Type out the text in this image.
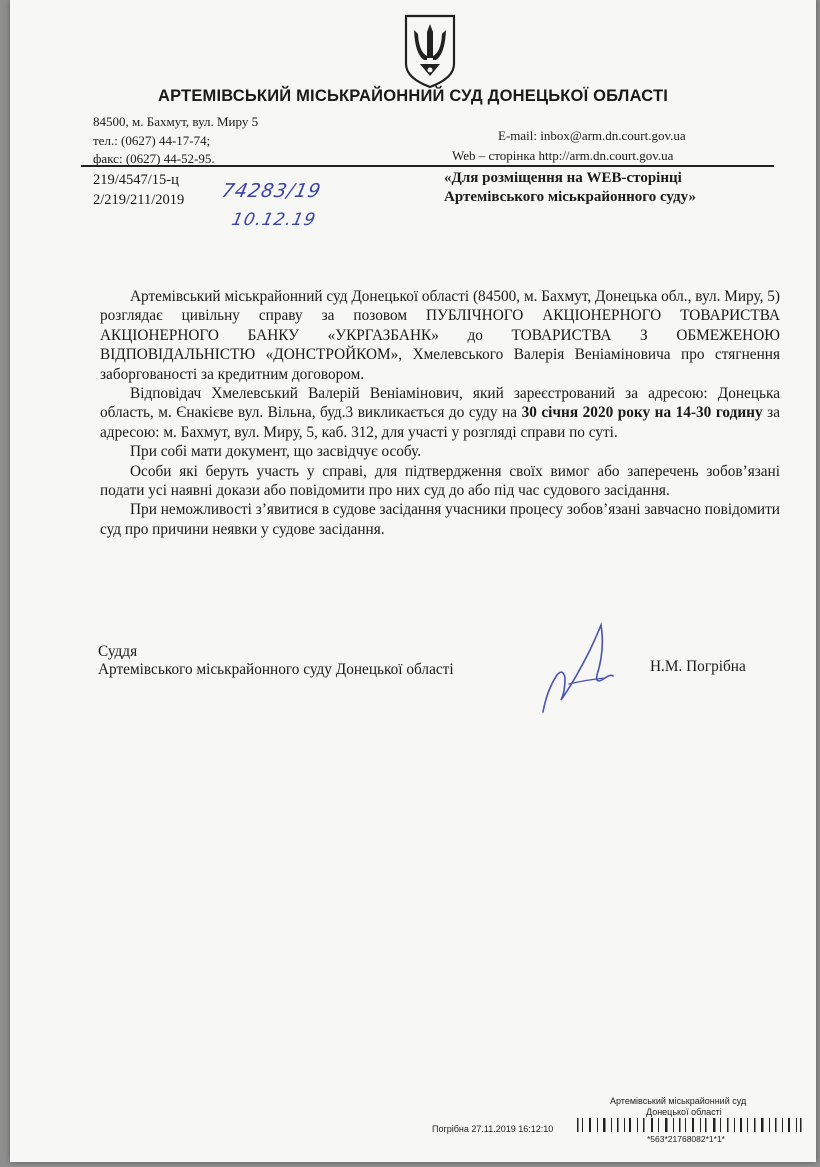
АРТЕМІВСЬКИЙ МІСЬКРАЙОННИЙ СУД ДОНЕЦЬКОЇ ОБЛАСТІ
84500, м. Бахмут, вул. Миру 5
тел.: (0627) 44-17-74;
факс: (0627) 44-52-95.
E-mail: inbox@arm.dn.court.gov.ua
Web – сторінка http://arm.dn.court.gov.ua
219/4547/15-ц
2/219/211/2019 74283/19
10.12.19
«Для розміщення на WEB-сторінці
Артемівського міськрайонного суду»

Артемівський міськрайонний суд Донецької області (84500, м. Бахмут, Донецька обл., вул. Миру, 5) розглядає цивільну справу за позовом ПУБЛІЧНОГО АКЦІОНЕРНОГО ТОВАРИСТВА АКЦІОНЕРНОГО БАНКУ «УКРГАЗБАНК» до ТОВАРИСТВА З ОБМЕЖЕНОЮ ВІДПОВІДАЛЬНІСТЮ «ДОНСТРОЙКОМ», Хмелевського Валерія Веніаміновича про стягнення заборгованості за кредитним договором.

Відповідач Хмелевський Валерій Веніамінович, який зареєстрований за адресою: Донецька область, м. Єнакієве вул. Вільна, буд.3 викликається до суду на 30 січня 2020 року на 14-30 годину за адресою: м. Бахмут, вул. Миру, 5, каб. 312, для участі у розгляді справи по суті.

При собі мати документ, що засвідчує особу.

Особи які беруть участь у справі, для підтвердження своїх вимог або заперечень зобов’язані подати усі наявні докази або повідомити про них суд до або під час судового засідання.

При неможливості з’явитися в судове засідання учасники процесу зобов’язані завчасно повідомити суд про причини неявки у судове засідання.

Суддя
Артемівського міськрайонного суду Донецької області	Н.М. Погрібна
Артемівський міськрайонний суд
Донецької області
Погрібна 27.11.2019 16:12:10
*563*21768082*1*1*
